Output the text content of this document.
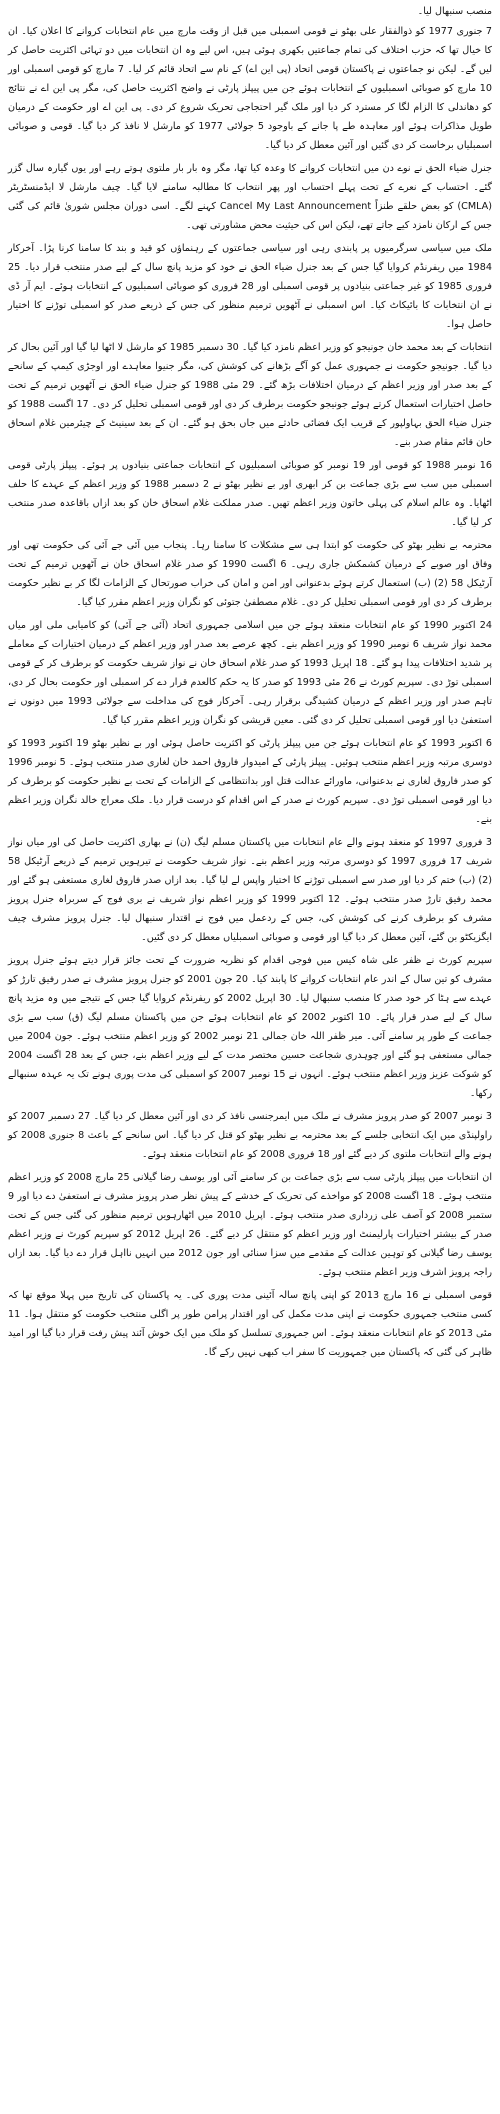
منصب سنبھال لیا۔

7 جنوری 1977 کو ذوالفقار علی بھٹو نے قومی اسمبلی میں قبل از وقت مارچ میں عام انتخابات کروانے کا اعلان کیا۔ ان کا خیال تھا کہ حزب اختلاف کی تمام جماعتیں بکھری ہوئی ہیں، اس لیے وہ ان انتخابات میں دو تہائی اکثریت حاصل کر لیں گے۔ لیکن نو جماعتوں نے پاکستان قومی اتحاد (پی این اے) کے نام سے اتحاد قائم کر لیا۔ 7 مارچ کو قومی اسمبلی اور 10 مارچ کو صوبائی اسمبلیوں کے انتخابات ہوئے جن میں پیپلز پارٹی نے واضح اکثریت حاصل کی، مگر پی این اے نے نتائج کو دھاندلی کا الزام لگا کر مسترد کر دیا اور ملک گیر احتجاجی تحریک شروع کر دی۔ پی این اے اور حکومت کے درمیان طویل مذاکرات ہوئے اور معاہدہ طے پا جانے کے باوجود 5 جولائی 1977 کو مارشل لا نافذ کر دیا گیا۔ قومی و صوبائی اسمبلیاں برخاست کر دی گئیں اور آئین معطل کر دیا گیا۔

جنرل ضیاء الحق نے نوے دن میں انتخابات کروانے کا وعدہ کیا تھا، مگر وہ بار بار ملتوی ہوتے رہے اور یوں گیارہ سال گزر گئے۔ احتساب کے نعرے کے تحت پہلے احتساب اور پھر انتخاب کا مطالبہ سامنے لایا گیا۔ چیف مارشل لا ایڈمنسٹریٹر (CMLA) کو بعض حلقے طنزاً Cancel My Last Announcement کہنے لگے۔ اسی دوران مجلس شوریٰ قائم کی گئی جس کے ارکان نامزد کیے جاتے تھے، لیکن اس کی حیثیت محض مشاورتی تھی۔

ملک میں سیاسی سرگرمیوں پر پابندی رہی اور سیاسی جماعتوں کے رہنماؤں کو قید و بند کا سامنا کرنا پڑا۔ آخرکار 1984 میں ریفرنڈم کروایا گیا جس کے بعد جنرل ضیاء الحق نے خود کو مزید پانچ سال کے لیے صدر منتخب قرار دیا۔ 25 فروری 1985 کو غیر جماعتی بنیادوں پر قومی اسمبلی اور 28 فروری کو صوبائی اسمبلیوں کے انتخابات ہوئے۔ ایم آر ڈی نے ان انتخابات کا بائیکاٹ کیا۔ اس اسمبلی نے آٹھویں ترمیم منظور کی جس کے ذریعے صدر کو اسمبلی توڑنے کا اختیار حاصل ہوا۔

انتخابات کے بعد محمد خان جونیجو کو وزیر اعظم نامزد کیا گیا۔ 30 دسمبر 1985 کو مارشل لا اٹھا لیا گیا اور آئین بحال کر دیا گیا۔ جونیجو حکومت نے جمہوری عمل کو آگے بڑھانے کی کوشش کی، مگر جنیوا معاہدے اور اوجڑی کیمپ کے سانحے کے بعد صدر اور وزیر اعظم کے درمیان اختلافات بڑھ گئے۔ 29 مئی 1988 کو جنرل ضیاء الحق نے آٹھویں ترمیم کے تحت حاصل اختیارات استعمال کرتے ہوئے جونیجو حکومت برطرف کر دی اور قومی اسمبلی تحلیل کر دی۔ 17 اگست 1988 کو جنرل ضیاء الحق بہاولپور کے قریب ایک فضائی حادثے میں جاں بحق ہو گئے۔ ان کے بعد سینیٹ کے چیئرمین غلام اسحاق خان قائم مقام صدر بنے۔

16 نومبر 1988 کو قومی اور 19 نومبر کو صوبائی اسمبلیوں کے انتخابات جماعتی بنیادوں پر ہوئے۔ پیپلز پارٹی قومی اسمبلی میں سب سے بڑی جماعت بن کر ابھری اور بے نظیر بھٹو نے 2 دسمبر 1988 کو وزیر اعظم کے عہدے کا حلف اٹھایا۔ وہ عالم اسلام کی پہلی خاتون وزیر اعظم تھیں۔ صدر مملکت غلام اسحاق خان کو بعد ازاں باقاعدہ صدر منتخب کر لیا گیا۔

محترمہ بے نظیر بھٹو کی حکومت کو ابتدا ہی سے مشکلات کا سامنا رہا۔ پنجاب میں آئی جے آئی کی حکومت تھی اور وفاق اور صوبے کے درمیان کشمکش جاری رہی۔ 6 اگست 1990 کو صدر غلام اسحاق خان نے آٹھویں ترمیم کے تحت آرٹیکل 58 (2) (ب) استعمال کرتے ہوئے بدعنوانی اور امن و امان کی خراب صورتحال کے الزامات لگا کر بے نظیر حکومت برطرف کر دی اور قومی اسمبلی تحلیل کر دی۔ غلام مصطفیٰ جتوئی کو نگران وزیر اعظم مقرر کیا گیا۔

24 اکتوبر 1990 کو عام انتخابات منعقد ہوئے جن میں اسلامی جمہوری اتحاد (آئی جے آئی) کو کامیابی ملی اور میاں محمد نواز شریف 6 نومبر 1990 کو وزیر اعظم بنے۔ کچھ عرصے بعد صدر اور وزیر اعظم کے درمیان اختیارات کے معاملے پر شدید اختلافات پیدا ہو گئے۔ 18 اپریل 1993 کو صدر غلام اسحاق خان نے نواز شریف حکومت کو برطرف کر کے قومی اسمبلی توڑ دی۔ سپریم کورٹ نے 26 مئی 1993 کو صدر کا یہ حکم کالعدم قرار دے کر اسمبلی اور حکومت بحال کر دی، تاہم صدر اور وزیر اعظم کے درمیان کشیدگی برقرار رہی۔ آخرکار فوج کی مداخلت سے جولائی 1993 میں دونوں نے استعفیٰ دیا اور قومی اسمبلی تحلیل کر دی گئی۔ معین قریشی کو نگران وزیر اعظم مقرر کیا گیا۔

6 اکتوبر 1993 کو عام انتخابات ہوئے جن میں پیپلز پارٹی کو اکثریت حاصل ہوئی اور بے نظیر بھٹو 19 اکتوبر 1993 کو دوسری مرتبہ وزیر اعظم منتخب ہوئیں۔ پیپلز پارٹی کے امیدوار فاروق احمد خان لغاری صدر منتخب ہوئے۔ 5 نومبر 1996 کو صدر فاروق لغاری نے بدعنوانی، ماورائے عدالت قتل اور بدانتظامی کے الزامات کے تحت بے نظیر حکومت کو برطرف کر دیا اور قومی اسمبلی توڑ دی۔ سپریم کورٹ نے صدر کے اس اقدام کو درست قرار دیا۔ ملک معراج خالد نگران وزیر اعظم بنے۔

3 فروری 1997 کو منعقد ہونے والے عام انتخابات میں پاکستان مسلم لیگ (ن) نے بھاری اکثریت حاصل کی اور میاں نواز شریف 17 فروری 1997 کو دوسری مرتبہ وزیر اعظم بنے۔ نواز شریف حکومت نے تیرہویں ترمیم کے ذریعے آرٹیکل 58 (2) (ب) ختم کر دیا اور صدر سے اسمبلی توڑنے کا اختیار واپس لے لیا گیا۔ بعد ازاں صدر فاروق لغاری مستعفی ہو گئے اور محمد رفیق تارڑ صدر منتخب ہوئے۔ 12 اکتوبر 1999 کو وزیر اعظم نواز شریف نے بری فوج کے سربراہ جنرل پرویز مشرف کو برطرف کرنے کی کوشش کی، جس کے ردعمل میں فوج نے اقتدار سنبھال لیا۔ جنرل پرویز مشرف چیف ایگزیکٹو بن گئے، آئین معطل کر دیا گیا اور قومی و صوبائی اسمبلیاں معطل کر دی گئیں۔

سپریم کورٹ نے ظفر علی شاہ کیس میں فوجی اقدام کو نظریہ ضرورت کے تحت جائز قرار دیتے ہوئے جنرل پرویز مشرف کو تین سال کے اندر عام انتخابات کروانے کا پابند کیا۔ 20 جون 2001 کو جنرل پرویز مشرف نے صدر رفیق تارڑ کو عہدے سے ہٹا کر خود صدر کا منصب سنبھال لیا۔ 30 اپریل 2002 کو ریفرنڈم کروایا گیا جس کے نتیجے میں وہ مزید پانچ سال کے لیے صدر قرار پائے۔ 10 اکتوبر 2002 کو عام انتخابات ہوئے جن میں پاکستان مسلم لیگ (ق) سب سے بڑی جماعت کے طور پر سامنے آئی۔ میر ظفر اللہ خان جمالی 21 نومبر 2002 کو وزیر اعظم منتخب ہوئے۔ جون 2004 میں جمالی مستعفی ہو گئے اور چوہدری شجاعت حسین مختصر مدت کے لیے وزیر اعظم بنے، جس کے بعد 28 اگست 2004 کو شوکت عزیز وزیر اعظم منتخب ہوئے۔ انہوں نے 15 نومبر 2007 کو اسمبلی کی مدت پوری ہونے تک یہ عہدہ سنبھالے رکھا۔

3 نومبر 2007 کو صدر پرویز مشرف نے ملک میں ایمرجنسی نافذ کر دی اور آئین معطل کر دیا گیا۔ 27 دسمبر 2007 کو راولپنڈی میں ایک انتخابی جلسے کے بعد محترمہ بے نظیر بھٹو کو قتل کر دیا گیا۔ اس سانحے کے باعث 8 جنوری 2008 کو ہونے والے انتخابات ملتوی کر دیے گئے اور 18 فروری 2008 کو عام انتخابات منعقد ہوئے۔

ان انتخابات میں پیپلز پارٹی سب سے بڑی جماعت بن کر سامنے آئی اور یوسف رضا گیلانی 25 مارچ 2008 کو وزیر اعظم منتخب ہوئے۔ 18 اگست 2008 کو مواخذے کی تحریک کے خدشے کے پیش نظر صدر پرویز مشرف نے استعفیٰ دے دیا اور 9 ستمبر 2008 کو آصف علی زرداری صدر منتخب ہوئے۔ اپریل 2010 میں اٹھارہویں ترمیم منظور کی گئی جس کے تحت صدر کے بیشتر اختیارات پارلیمنٹ اور وزیر اعظم کو منتقل کر دیے گئے۔ 26 اپریل 2012 کو سپریم کورٹ نے وزیر اعظم یوسف رضا گیلانی کو توہین عدالت کے مقدمے میں سزا سنائی اور جون 2012 میں انہیں نااہل قرار دے دیا گیا۔ بعد ازاں راجہ پرویز اشرف وزیر اعظم منتخب ہوئے۔

قومی اسمبلی نے 16 مارچ 2013 کو اپنی پانچ سالہ آئینی مدت پوری کی۔ یہ پاکستان کی تاریخ میں پہلا موقع تھا کہ کسی منتخب جمہوری حکومت نے اپنی مدت مکمل کی اور اقتدار پرامن طور پر اگلی منتخب حکومت کو منتقل ہوا۔ 11 مئی 2013 کو عام انتخابات منعقد ہوئے۔ اس جمہوری تسلسل کو ملک میں ایک خوش آئند پیش رفت قرار دیا گیا اور امید ظاہر کی گئی کہ پاکستان میں جمہوریت کا سفر اب کبھی نہیں رکے گا۔
